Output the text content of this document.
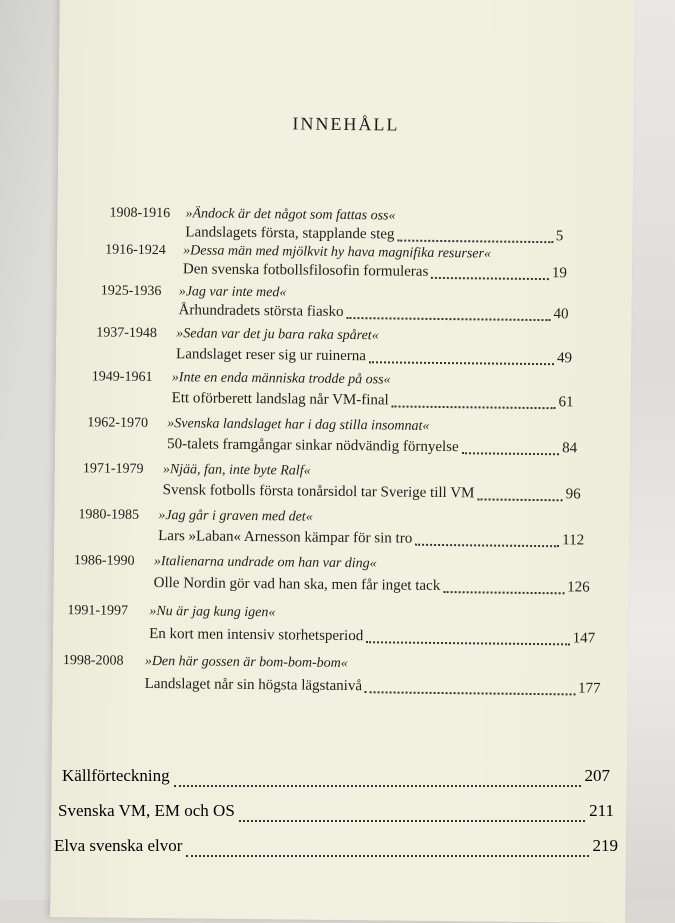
INNEHÅLL
1908-1916 »Ändock är det något som fattas oss«
Landslagets första, stapplande steg	5
1916-1924 »Dessa män med mjölkvit hy hava magnifika resurser«
Den svenska fotbollsfilosofin formuleras	19
1925-1936 »Jag var inte med«
Århundradets största fiasko	40
1937-1948 »Sedan var det ju bara raka spåret«
Landslaget reser sig ur ruinerna	49
1949-1961 »Inte en enda människa trodde på oss«
Ett oförberett landslag når VM-final	61
1962-1970 »Svenska landslaget har i dag stilla insomnat«
50-talets framgångar sinkar nödvändig förnyelse	84
1971-1979 »Njää, fan, inte byte Ralf«
Svensk fotbolls första tonårsidol tar Sverige till VM	96
1980-1985 »Jag går i graven med det«
Lars »Laban« Arnesson kämpar för sin tro	112
1986-1990 »Italienarna undrade om han var ding«
Olle Nordin gör vad han ska, men får inget tack	126
1991-1997 »Nu är jag kung igen«
En kort men intensiv storhetsperiod	147
1998-2008 »Den här gossen är bom-bom-bom«
Landslaget når sin högsta lägstanivå	177
Källförteckning	207
Svenska VM, EM och OS	211
Elva svenska elvor	219
